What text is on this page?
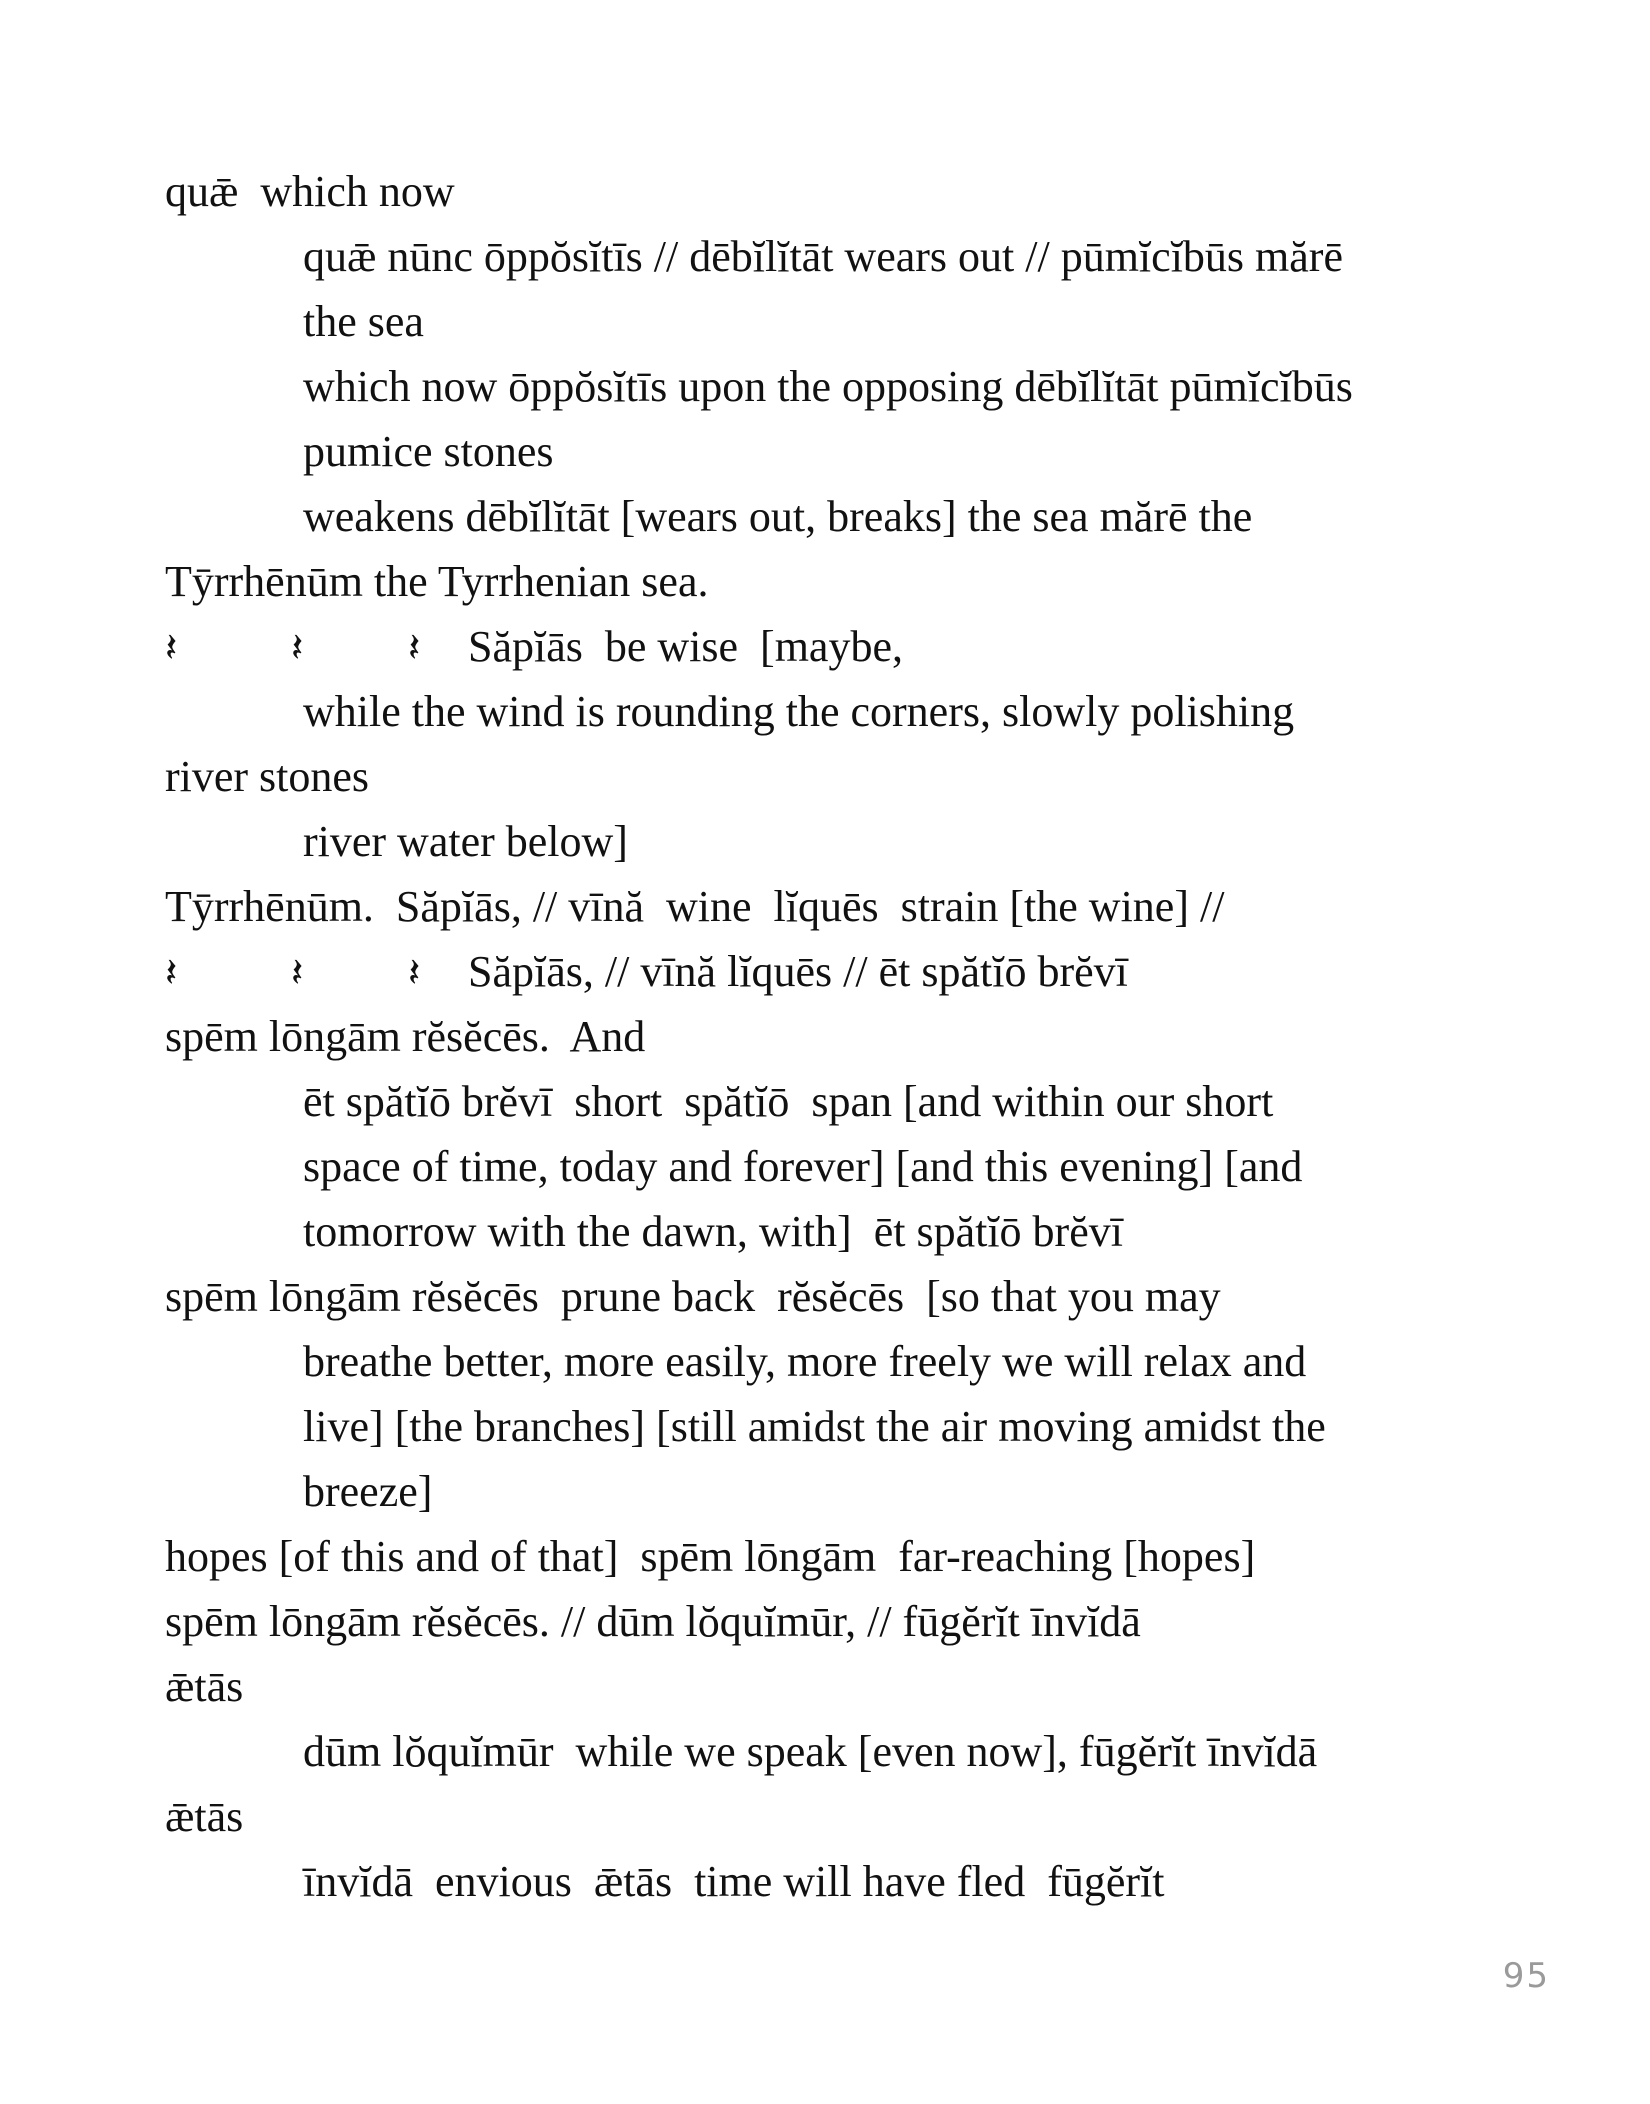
quǣ  which now
quǣ nūnc ōppŏsĭtīs // dēbĭlĭtāt wears out // pūmĭcĭbūs mărē
the sea
which now ōppŏsĭtīs upon the opposing dēbĭlĭtāt pūmĭcĭbūs
pumice stones
weakens dēbĭlĭtāt [wears out, breaks] the sea mărē the
Tȳrrhēnūm the Tyrrhenian sea.
𝄽	𝄽	𝄽 Săpĭās  be wise  [maybe,
while the wind is rounding the corners, slowly polishing
river stones
river water below]
Tȳrrhēnūm.  Săpĭās, // vīnă  wine  lĭquēs  strain [the wine] //
𝄽	𝄽	𝄽 Săpĭās, // vīnă lĭquēs // ēt spătĭō brĕvī
spēm lōngām rĕsĕcēs.  And
ēt spătĭō brĕvī  short  spătĭō  span [and within our short
space of time, today and forever] [and this evening] [and
tomorrow with the dawn, with]  ēt spătĭō brĕvī
spēm lōngām rĕsĕcēs  prune back  rĕsĕcēs  [so that you may
breathe better, more easily, more freely we will relax and
live] [the branches] [still amidst the air moving amidst the
breeze]
hopes [of this and of that]  spēm lōngām  far-reaching [hopes]
spēm lōngām rĕsĕcēs. // dūm lŏquĭmūr, // fūgĕrĭt īnvĭdā
ǣtās
dūm lŏquĭmūr  while we speak [even now], fūgĕrĭt īnvĭdā
ǣtās
īnvĭdā  envious  ǣtās  time will have fled  fūgĕrĭt
95
